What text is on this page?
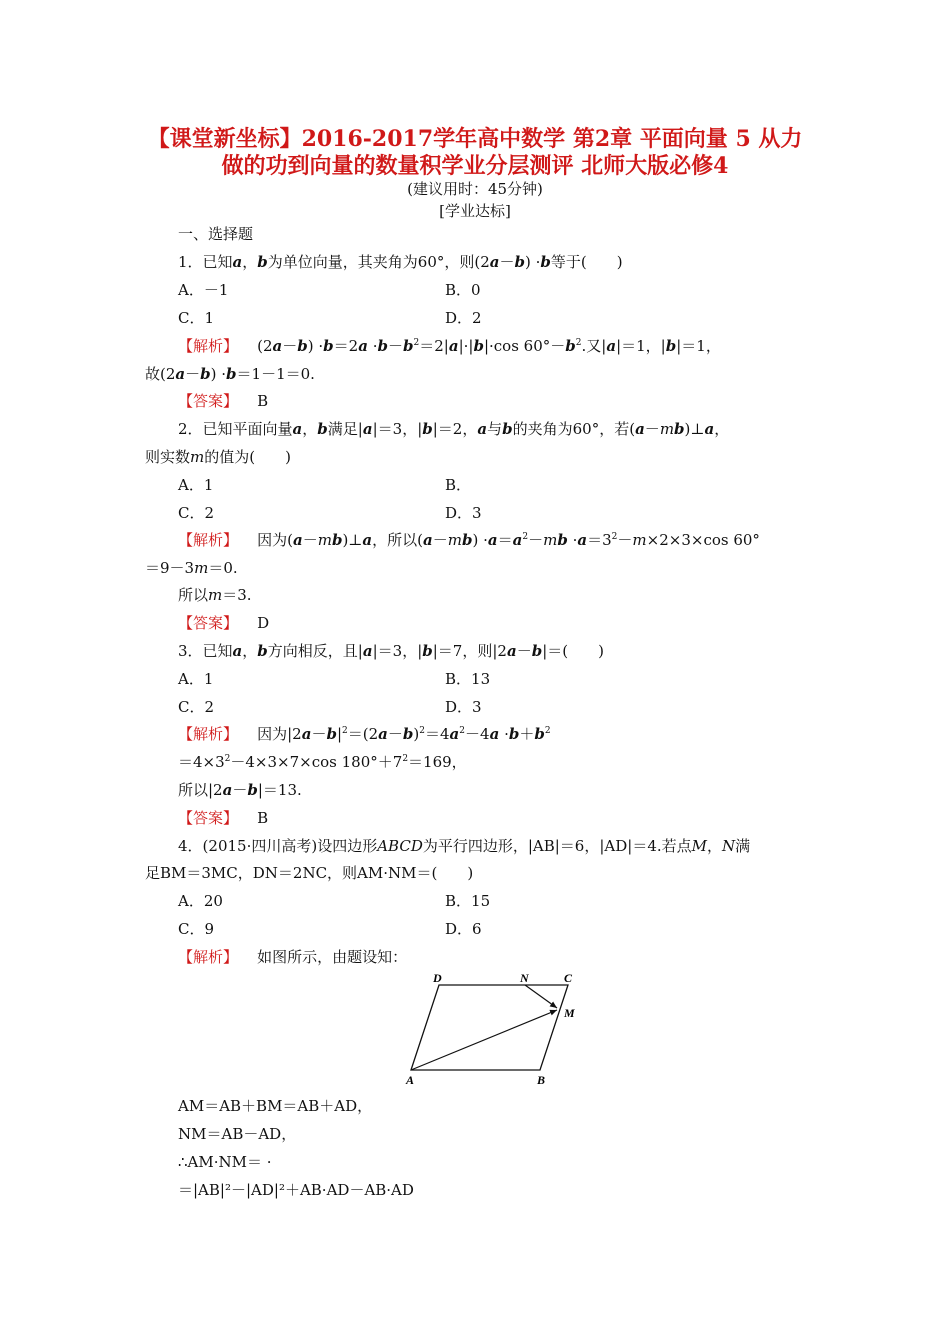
【课堂新坐标】2016-2017学年高中数学 第2章 平面向量 5 从力
做的功到向量的数量积学业分层测评 北师大版必修4
(建议用时：45分钟)
[学业达标]
一、选择题
1．已知a，b为单位向量，其夹角为60°，则(2a－b) ·b等于(　　)
A．－1	B．0
C．1	D．2
【解析】 $(2a-b) \cdot b=2a \cdot b-b^2=2|a|\cdot|b|\cdot\cos$ $60^\circ-b^2$.又|a|＝1，|b|＝1，
故(2a－b) ·b＝1－1＝0.
【答案】 B
2．已知平面向量a，b满足|a|＝3，|b|＝2，a与b的夹角为60°，若(a－mb)⊥a，
则实数m的值为(　　)
A．1	B．
C．2	D．3
【解析】 因为(a－mb)⊥a，所以$(a-mb) \cdot a=a^2-mb \cdot a=3^2-m\times 2\times 3\times\cos$ 60°
＝9－3m＝0.
所以m＝3.
【答案】 D
3．已知a，b方向相反，且|a|＝3，|b|＝7，则|2a－b|＝(　　)
A．1	B．13
C．2	D．3
【解析】 因为$|2a-b|^2=(2a-b)^2=4a^2-4a \cdot b+b^2$
$=4\times 3^2-4\times 3\times 7\times\cos$ $180^\circ+7^2=169$，
所以|2a－b|＝13.
【答案】 B
4．(2015·四川高考)设四边形ABCD为平行四边形，|AB|＝6，|AD|＝4.若点M，N满
足BM＝3MC，DN＝2NC，则AM·NM＝(　　)
A．20	B．15
C．9	D．6
【解析】 如图所示，由题设知：
A	B
C
D
M
N
AM＝AB＋BM＝AB＋AD，
NM＝AB－AD，
∴AM·NM＝ ·
＝|AB|²－|AD|²＋AB·AD－AB·AD
